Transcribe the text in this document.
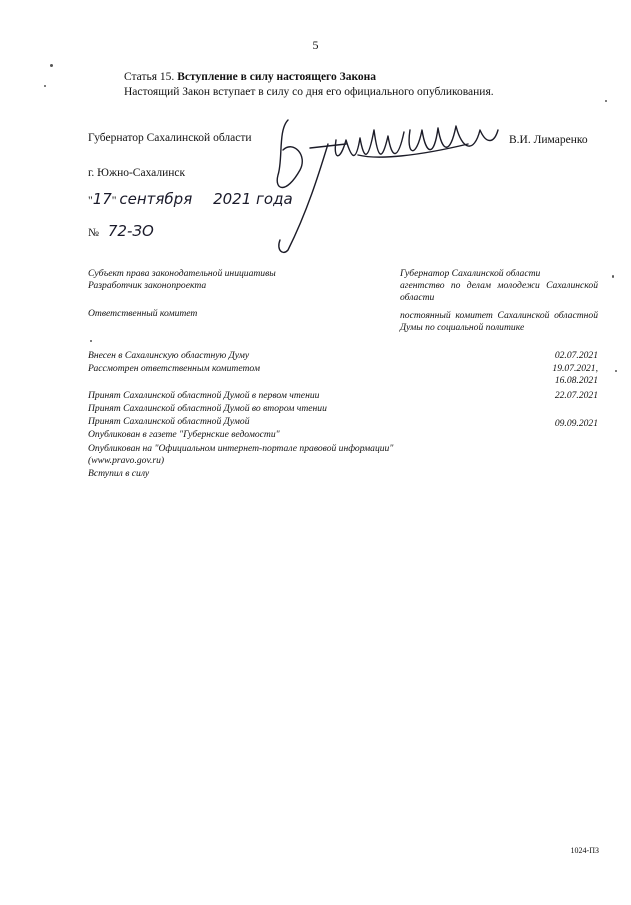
5
Статья 15. Вступление в силу настоящего Закона
Настоящий Закон вступает в силу со дня его официального опубликования.
Губернатор Сахалинской области	В.И. Лимаренко
г. Южно-Сахалинск
"17" сентября 2021 года
№ 72-ЗО
Субъект права законодательной инициативы	Губернатор Сахалинской области
Разработчик законопроекта	агентство по делам молодежи Сахалинской области
Ответственный комитет	постоянный комитет Сахалинской областной Думы по социальной политике
Внесен в Сахалинскую областную Думу	02.07.2021
Рассмотрен ответственным комитетом	19.07.2021, 16.08.2021
Принят Сахалинской областной Думой в первом чтении	22.07.2021
Принят Сахалинской областной Думой во втором чтении
Принят Сахалинской областной Думой	09.09.2021
Опубликован в газете "Губернские ведомости"
Опубликован на "Официальном интернет-портале правовой информации" (www.pravo.gov.ru)
Вступил в силу
1024-ПЗ
